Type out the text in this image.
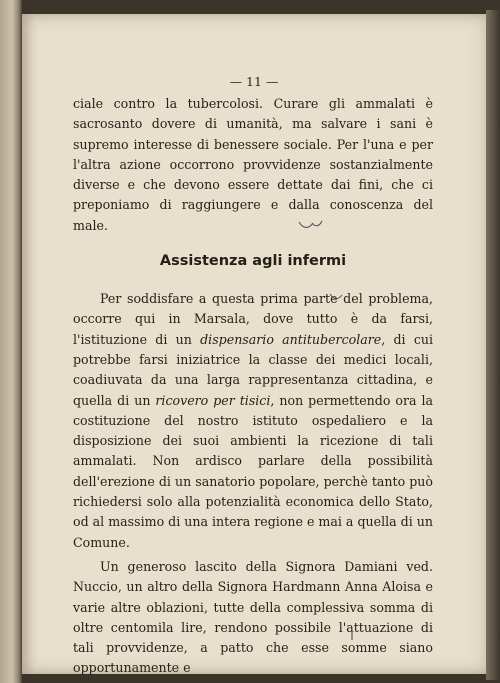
— 11 —

ciale contro la tubercolosi. Curare gli ammalati è sacrosanto dovere di umanità, ma salvare i sani è supremo interesse di benessere sociale. Per l'una e per l'altra azione occorrono provvidenze sostanzialmente diverse e che devono essere dettate dai fini, che ci preponiamo di raggiungere e dalla conoscenza del male.

Assistenza agli infermi

Per soddisfare a questa prima parte del problema, occorre qui in Marsala, dove tutto è da farsi, l'istituzione di un dispensario antitubercolare, di cui potrebbe farsi iniziatrice la classe dei medici locali, coadiuvata da una larga rappresentanza cittadina, e quella di un ricovero per tisici, non permettendo ora la costituzione del nostro istituto ospedaliero e la disposizione dei suoi ambienti la ricezione di tali ammalati. Non ardisco parlare della possibilità dell'erezione di un sanatorio popolare, perchè tanto può richiedersi solo alla potenzialità economica dello Stato, od al massimo di una intera regione e mai a quella di un Comune.

Un generoso lascito della Signora Damiani ved. Nuccio, un altro della Signora Hardmann Anna Aloisa e varie altre oblazioni, tutte della complessiva somma di oltre centomila lire, rendono possibile l'attuazione di tali provvidenze, a patto che esse somme siano opportunamente e
